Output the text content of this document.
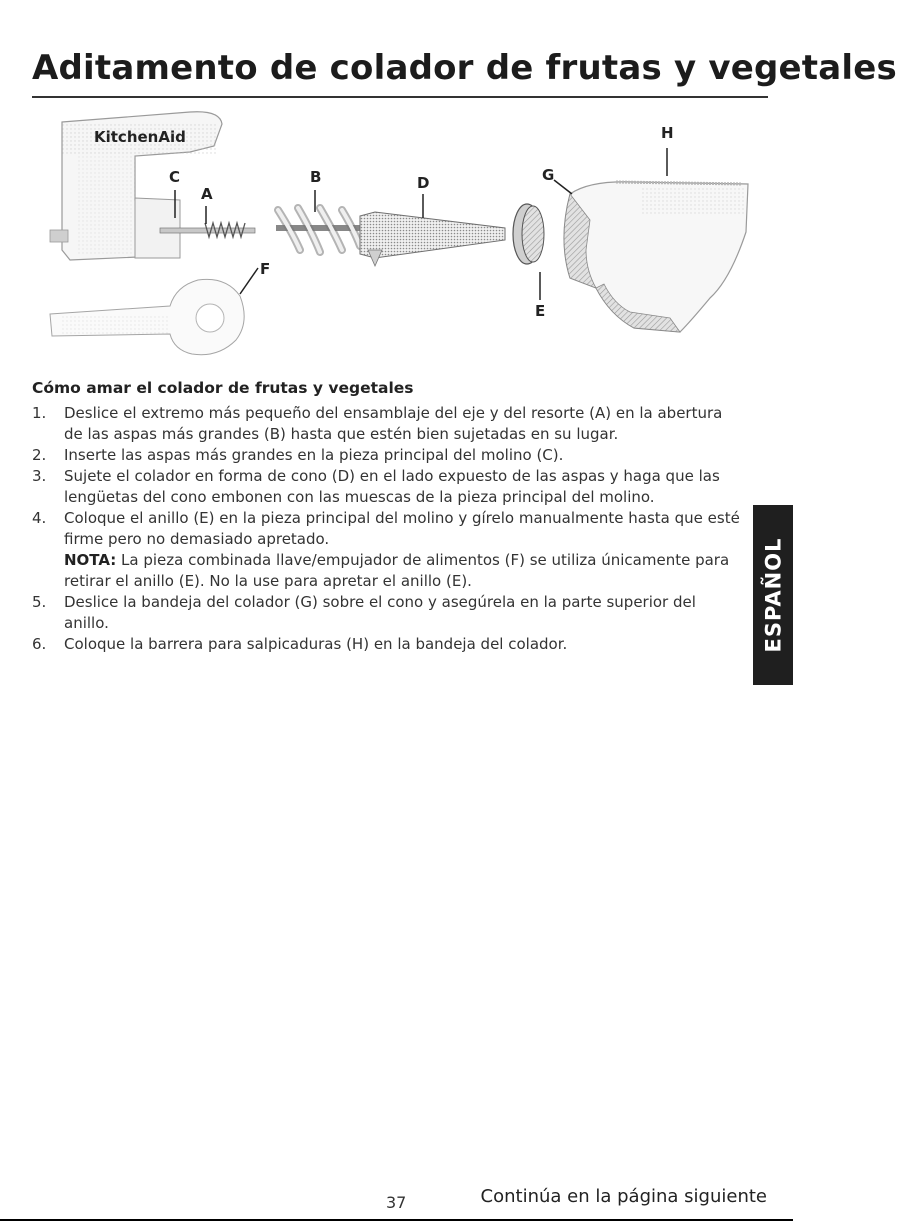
Aditamento de colador de frutas y vegetales
KitchenAid
C
A
B	D
E
F
G
H
Cómo amar el colador de frutas y vegetales
1. Deslice el extremo más pequeño del ensamblaje del eje y del resorte (A) en la abertura de las aspas más grandes (B) hasta que estén bien sujetadas en su lugar.
2. Inserte las aspas más grandes en la pieza principal del molino (C).
3. Sujete el colador en forma de cono (D) en el lado expuesto de las aspas y haga que las lengüetas del cono embonen con las muescas de la pieza principal del molino.
4. Coloque el anillo (E) en la pieza principal del molino y gírelo manualmente hasta que esté firme pero no demasiado apretado.
NOTA: La pieza combinada llave/empujador de alimentos (F) se utiliza únicamente para retirar el anillo (E). No la use para apretar el anillo (E).
5. Deslice la bandeja del colador (G) sobre el cono y asegúrela en la parte superior del anillo.
6. Coloque la barrera para salpicaduras (H) en la bandeja del colador.	ESPAÑOL
37	Continúa en la página siguiente
